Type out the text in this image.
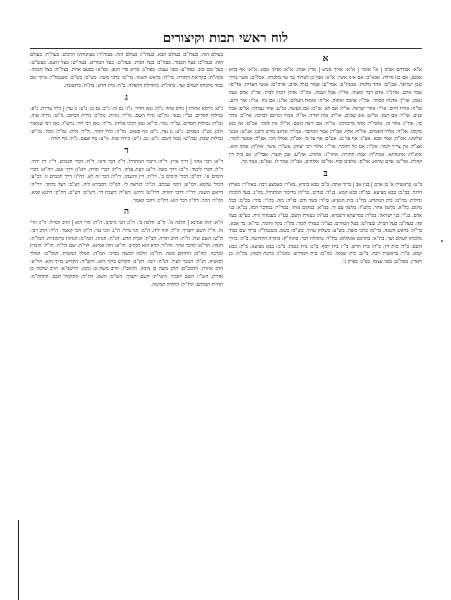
לוח ראשי תבות וקיצורים
א

א"א: אבדהם אבינו | א" אומר | א"א: אורך אנוש | ארץ אמת. א"א: אדוני אבא. א"א: אף בהא אמנם, אם כגו גדולה. אבא"ב: אם אינו אשר. א"א: אבל כן לעתיד נגד ער מלכותו. אבל"ם: אשר ברוך שכן ישראל. אבן"ם: אחד מלגות. אמנת"ם. אמר"ע: אמור בגלל אדם. ארה"ם: אנשי העדות. אד"ם: אמר אדם. אדונ"ו: אדם דבר ומצוה. אד"ו: אבל ושמה. אה"ל: אהרן הכהן לבית. אד"ו: אדם ועמו נאמן. אד"ן: אדנות ונסתר. אה"ו: אהבה ואחוה. או"ה: אומות העולם. או"ג: אם גוף. או"ז: אור זרוע. או"ח: אורח חיים. או"י: אחר ישראל. או"ל: אם לא. או"מ: אם מעשה. או"ע: אחר עבודה. או"פ: אבל פנים. או"ר: אם רצון. או"ש: אש שמים. או"ת: אות תורה. אז"ל: אמרו זכרונם לברכה. אח"כ: אחר כך. אח"ז: אחר זה. אחמ"ר: אחד מרבותינו. אי"ה: אם ירצה השם. אי"ל: אין לומר. אכ"ם: אין כאן מקומו. אל"ה: אלהי השמים. אל"ף: אלף. אמ"ה: אמר המחבר. אמ"ר: אדוננו מורנו ורבנו. אנ"ש: אנשי שלומנו. אס"ה: אמר סבא. אע"ג: אף על גב. אע"פ: אף על פי. אפ"ה: אפילו הכי. אפ"ל: אפשר לומר. אצ"ל: אין צריך לומר. אק"ו: אם קל וחומר. אר"י: אלהי רבי יצחק. אש"ר: אשר. את"ה: אתה הוא. אתנ"ה: אתנחתא. אמת"ה: אמת התורה. אתר"ג: אתרוג. אה"ע: אבן העזר. אבד"ק: אב בית דין קהלת. אד"ש: אדם שהוא. אל"ס: אלפים סוף. אל"ם: אלוהים. אמ"ל: אמר לו. אמ"ם: אמר מר.

ב

ב"א: בראשית א' בן אדם | בנין אב | ברוך אתה. ב"ב: בבא בתרא. בא"ר: באמצע רבה. באה"ר: בארת הרגל. בב"מ: בבא מציעא. בב"ק: בבא קמא. בג"ד: בגדים. בד"ה: בדיבור המתחיל. בה"ג: בעל הלכות גדולות. בה"מ: בית המקדש. בה"נ: בית הנשיא. בו"ד: בשר ודם. בז"ה: בזה. בח"י: בחיי. בכ"מ: בכל מקום. בל"א: בלשון אחר. בלע"ז: בלשון עם זר. במ"א: במקום אחר. במד"ר: במדבר רבה. בנ"א: בני אדם. בנ"י: בני ישראל. בס"ד: בסייעתא דשמיא. בע"ה: בעזרת השם. בע"ז: בעבודה זרה. בע"פ: בעל פה. בעה"ב: בעל הבית. בעה"ט: בעל הטורים. בצ"ל: בצורך לומר. בק"ו: בקל וחומר. בר"א: בר אבא. בר"ה: בראש השנה. בר"מ: ברבי משה. בש"ע: בשלחן ערוך. בש"ס: בשס. בשכמל"ו: ברוך שם כבוד מלכותו לעולם ועד. בת"א: בתרגום אונקלוס. בת"ד: בתחלת דבר. בתוה"ק: בתורה הקדושה. ב"ה: ברוך השם. ב"ד: בית דין. ב"ח: בית חדש. ב"י: בית יוסף. ב"כ: בית כנסת. ב"מ: בבא מציעא. ב"ק: בבא קמא. ב"ר: בראשית רבה. ב"ש: בית שמאי. בה"מ: בית המדרש. בהמ"ז: ברכת המזון. בה"ה: בן הארץ. בפה"ע: בפני עצמו. בפ"ג: בפרק ג'.

בעולם הזה. בעוה"ב: בעולם הבא. בעוה"ז: בעולם הזה. בעוה"ר: בעוונותינו הרבים. בעה"ח: בעולם הזה. בעה"כ: בעל הכבוד. בעה"ב: בעל הבית. בעה"ט: בעל הטורים. בעה"ש: בעל השם. בעש"ט: בעל שם טוב. בפה"ע: בפני עצמו. בפה"ג: בורא פרי הגפן. בפ"א: בפעם אחת. בצל"ח: בצל חכמה. בקה"ת: בקריאת התורה. בר"ה: בראש השנה. בר"מ: ברבי משה. בש"ס: בש"ס. בשכמל"ו: ברוך שם כבוד מלכותו לעולם ועד. בתה"ת: בתחילת התפלה. ב"ח: בית חדש. בת"ה: בתשובה.

ג

ג"א: גירסא אחרת | גורס אחד. ג"ה: גאון הדור. ג"ז: גם זה. ג"כ: גם כן. ג"ע: גן עדן | גילוי עריות. ג"פ: גמילות חסדים. גב"י: גבאי. גה"ש: גדול השם. גוו"ר: גוויות. גזה"כ: גזירת הכתוב. גז"ש: גזירה שוה. גמ"ח: גמילות חסדים. גמ"ר: גמר. גר"א: גאון רבינו אליהו. גר"ד: גאון רבי דוד. גרש"ז: גאון רבי שניאור זלמן. גש"ן: גשמים. ג"ע: גן עדן. ג"פ: גוף פשוט. גה"ה: גדול הדור. גל"ד: גלות. גמ"ל: גומל. גמ"ש: גמילות שבת. גבה"ש: גבאי השם. ג"ט: גט. ג"ש: גזירה שוה. גו"ע: גוף ועצם. ג"ת: גוף תורה.

ד

ד"א: דבר אחר | דרך ארץ. ד"ה: דיבור המתחיל. ד"ו: דבר ודאי. ד"ח: דברי חכמים. ד"י: דין יחיד. ד"ל: דברי לימוד. ד"מ: דרך משל. ד"ע: דעת עליון. ד"ת: דברי תורה. דא"ג: דרך אגב. דה"א: דברי הימים א'. דה"ב: דברי הימים ב'. דו"ח: דין וחשבון. דז"ל: דבר זה לא. דח"ז: דרך חכמים זו. דכ"ע: דכולי עלמא. דמ"ש: דמה שכתב. דנ"ל: דנראה לי. דס"ל: דסבירא ליה. דע"כ: דעל כרחך. דר"ה: דראש השנה. דר"י: דרבי יהודה. דרו"ש: דרוש. דש"ד: דשבת דר. דש"ס: דש"ס. דת"ק: דתנא קמא. דמ"ר: דמר. דה"ו: דבר הוא. דה"ק: דהכי קאמר.

ה

ה"א: הוה אמינא | הלכה א'. ה"ב: הלכה ב'. ה"ג: הכי גרסינן. ה"ה: הרי הוא | הרב הגדול. ה"ז: הרי זה. ה"י: השם יתברך. ה"ל: הוה ליה. ה"מ: הני מילי. ה"נ: הכי נמי. ה"ק: הכי קאמר. ה"ר: הרב רבי. ה"ש: השם שלו. ה"ת: הרב תורה. הב"ח: הבית חדש. הג"ה: הגהה. הגה"מ: הגהות מיימוניות. הגה"ה: הגהה. הד"א: הדבר אחר. הה"ד: הדא הוא דכתיב. הו"א: הוה אמינא. הוי"ה: שם הוי"ה. הז"ל: הזכרון לברכה. הח"מ: החתום מטה. הל"מ: הלכה למשה מסיני. המ"ה: המלך המשיח. המל"מ: המלך המשיח. הנ"ל: הנזכר לעיל. הנ"ה: הנה. הק"ב: הקדוש ברוך הוא. הקב"ה: הקדוש ברוך הוא. הר"א: הרב אחרון. הרמב"ם: הרב משה בן מימון. הרמב"ן: הרב משה בן נחמן. הרשב"א: הרב שלמה בן אדרת. הש"י: השם יתברך. השי"ת: השם יתברך. הש"ס: השס. הת"ח: התלמיד חכם. התחה"מ: תחיית המתים. הת"ת: התורה תמימה.
